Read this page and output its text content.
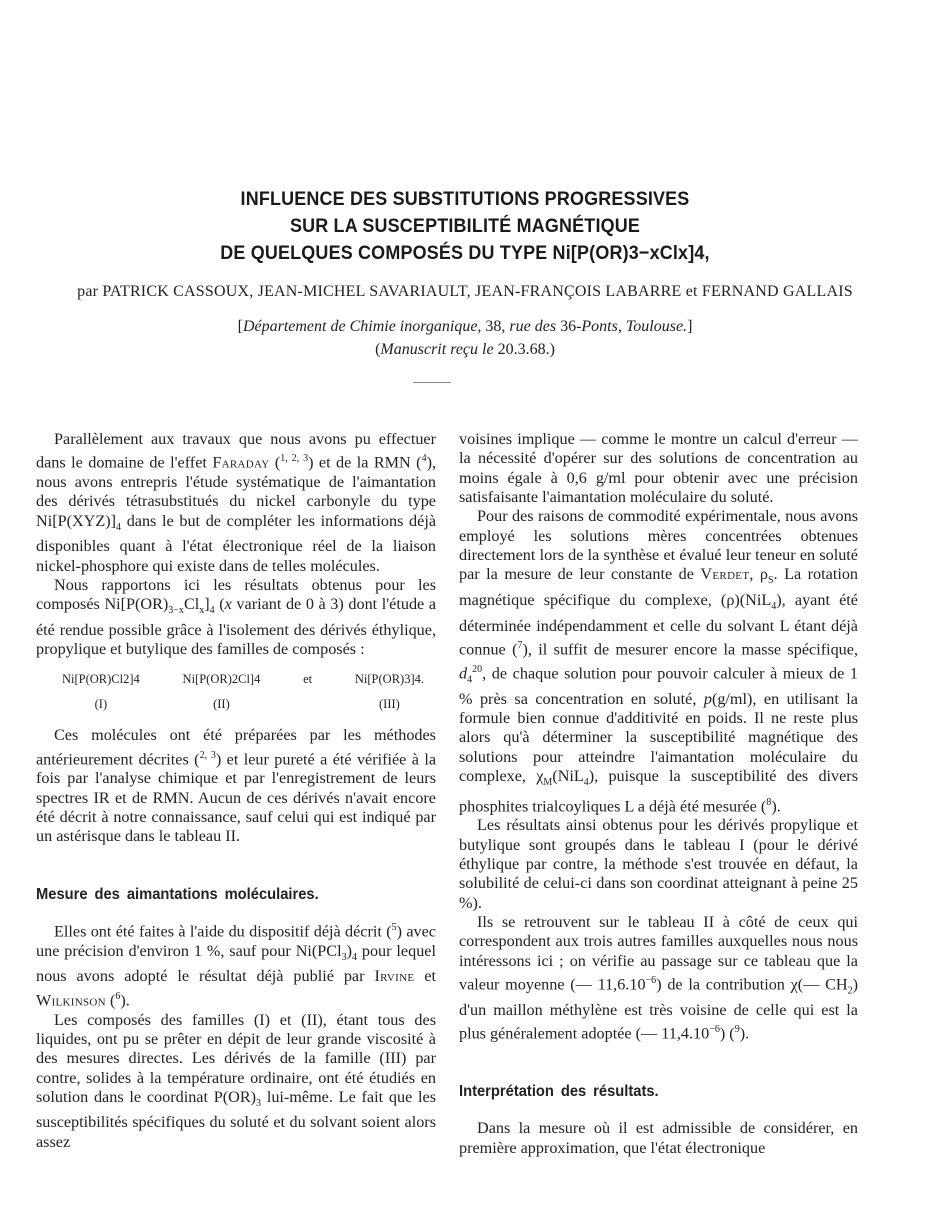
INFLUENCE DES SUBSTITUTIONS PROGRESSIVES
SUR LA SUSCEPTIBILITÉ MAGNÉTIQUE
DE QUELQUES COMPOSÉS DU TYPE Ni[P(OR)3−xClx]4,
par PATRICK CASSOUX, JEAN-MICHEL SAVARIAULT, JEAN-FRANÇOIS LABARRE et FERNAND GALLAIS
[Département de Chimie inorganique, 38, rue des 36-Ponts, Toulouse.]
(Manuscrit reçu le 20.3.68.)

Parallèlement aux travaux que nous avons pu effectuer dans le domaine de l'effet Faraday ($^{1, 2, 3}$) et de la RMN ($^4$), nous avons entrepris l'étude systématique de l'aimantation des dérivés tétrasubstitués du nickel carbonyle du type $Ni[P(XYZ)]_4$ dans le but de compléter les informations déjà disponibles quant à l'état électronique réel de la liaison nickel-phosphore qui existe dans de telles molécules.

Nous rapportons ici les résultats obtenus pour les composés $Ni[P(OR)_{3-x}Cl_x]_4$ (x variant de 0 à 3) dont l'étude a été rendue possible grâce à l'isolement des dérivés éthylique, propylique et butylique des familles de composés :

Ni[P(OR)Cl2]4
(I)
Ni[P(OR)2Cl]4
(II)
et	Ni[P(OR)3]4.
(III)

Ces molécules ont été préparées par les méthodes antérieurement décrites ($^{2, 3}$) et leur pureté a été vérifiée à la fois par l'analyse chimique et par l'enregistrement de leurs spectres IR et de RMN. Aucun de ces dérivés n'avait encore été décrit à notre connaissance, sauf celui qui est indiqué par un astérisque dans le tableau II.

Mesure des aimantations moléculaires.

Elles ont été faites à l'aide du dispositif déjà décrit ($^5$) avec une précision d'environ 1 %, sauf pour $Ni(PCl_3)_4$ pour lequel nous avons adopté le résultat déjà publié par Irvine et Wilkinson ($^6$).

Les composés des familles (I) et (II), étant tous des liquides, ont pu se prêter en dépit de leur grande viscosité à des mesures directes. Les dérivés de la famille (III) par contre, solides à la température ordinaire, ont été étudiés en solution dans le coordinat $P(OR)_3$ lui-même. Le fait que les susceptibilités spécifiques du soluté et du solvant soient alors assez

voisines implique — comme le montre un calcul d'erreur — la nécessité d'opérer sur des solutions de concentration au moins égale à 0,6 g/ml pour obtenir avec une précision satisfaisante l'aimantation moléculaire du soluté.

Pour des raisons de commodité expérimentale, nous avons employé les solutions mères concentrées obtenues directement lors de la synthèse et évalué leur teneur en soluté par la mesure de leur constante de Verdet, $\rho_S$. La rotation magnétique spécifique du complexe, (ρ)(NiL$_4$), ayant été déterminée indépendamment et celle du solvant L étant déjà connue ($^7$), il suffit de mesurer encore la masse spécifique, $d_4^{20}$, de chaque solution pour pouvoir calculer à mieux de 1 % près sa concentration en soluté, p(g/ml), en utilisant la formule bien connue d'additivité en poids. Il ne reste plus alors qu'à déterminer la susceptibilité magnétique des solutions pour atteindre l'aimantation moléculaire du complexe, $\chi_M(NiL_4)$, puisque la susceptibilité des divers phosphites trialcoyliques L a déjà été mesurée ($^8$).

Les résultats ainsi obtenus pour les dérivés propylique et butylique sont groupés dans le tableau I (pour le dérivé éthylique par contre, la méthode s'est trouvée en défaut, la solubilité de celui-ci dans son coordinat atteignant à peine 25 %).

Ils se retrouvent sur le tableau II à côté de ceux qui correspondent aux trois autres familles auxquelles nous nous intéressons ici ; on vérifie au passage sur ce tableau que la valeur moyenne (— $11,6.10^{-6}$) de la contribution χ(— $CH_2$) d'un maillon méthylène est très voisine de celle qui est la plus généralement adoptée (— $11,4.10^{-6}$) ($^9$).

Interprétation des résultats.

Dans la mesure où il est admissible de considérer, en première approximation, que l'état électronique
